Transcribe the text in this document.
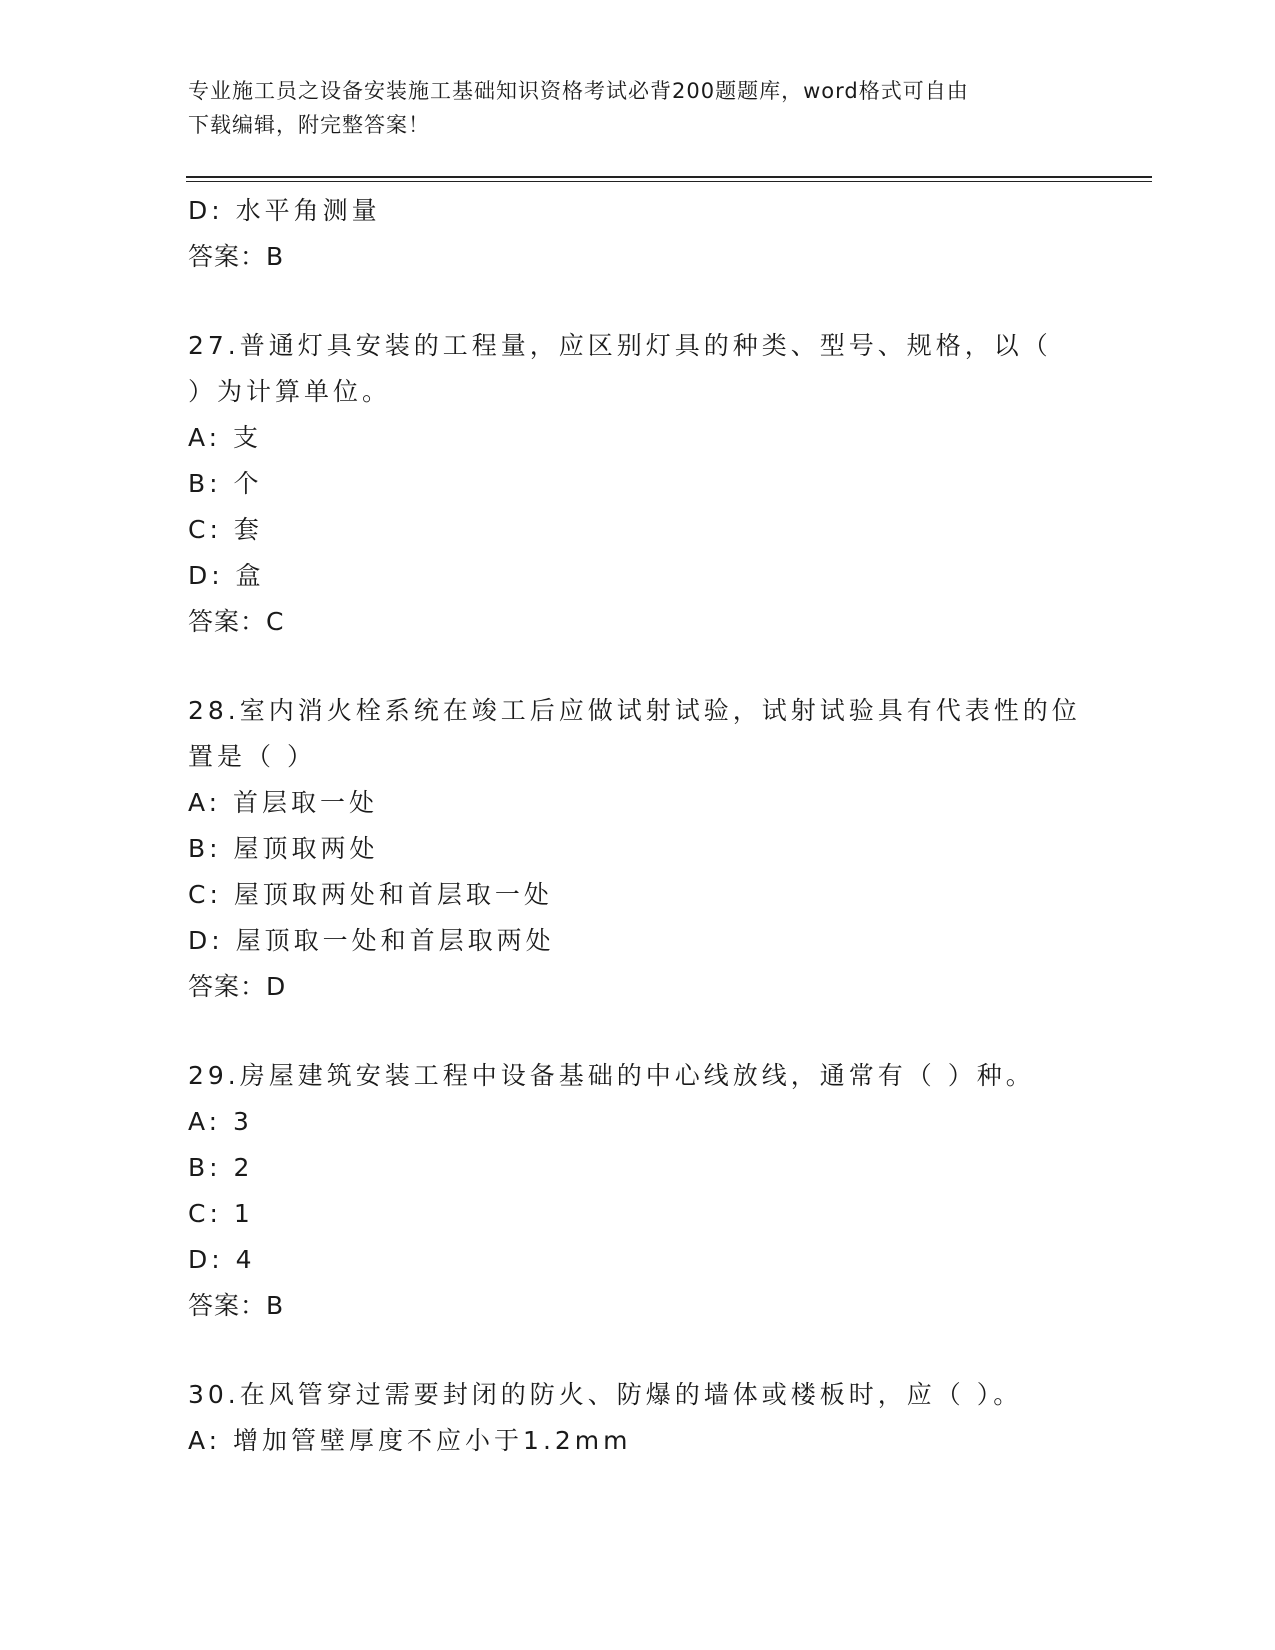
专业施工员之设备安装施工基础知识资格考试必背200题题库，word格式可自由
下载编辑，附完整答案！
D: 水平角测量
答案：B
27.普通灯具安装的工程量，应区别灯具的种类、型号、规格，以（
）为计算单位。
A: 支
B: 个
C: 套
D: 盒
答案：C
28.室内消火栓系统在竣工后应做试射试验，试射试验具有代表性的位
置是（ ）
A: 首层取一处
B: 屋顶取两处
C: 屋顶取两处和首层取一处
D: 屋顶取一处和首层取两处
答案：D
29.房屋建筑安装工程中设备基础的中心线放线，通常有（ ）种。
A: 3
B: 2
C: 1
D: 4
答案：B
30.在风管穿过需要封闭的防火、防爆的墙体或楼板时，应（ ）。
A: 增加管壁厚度不应小于1.2mm
